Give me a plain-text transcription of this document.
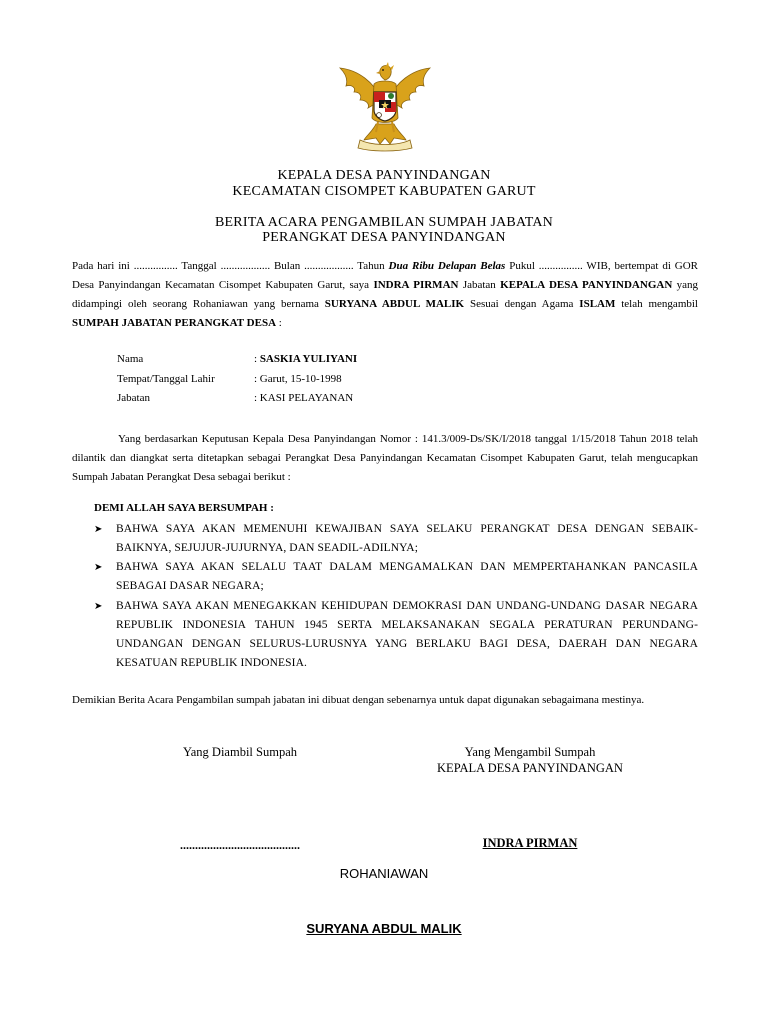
KEPALA DESA PANYINDANGAN
KECAMATAN CISOMPET KABUPATEN GARUT
BERITA ACARA PENGAMBILAN SUMPAH JABATAN
PERANGKAT DESA PANYINDANGAN
Pada hari ini ................ Tanggal .................. Bulan .................. Tahun Dua Ribu Delapan Belas Pukul ................ WIB, bertempat di GOR Desa Panyindangan Kecamatan Cisompet Kabupaten Garut, saya INDRA PIRMAN Jabatan KEPALA DESA PANYINDANGAN yang didampingi oleh seorang Rohaniawan yang bernama SURYANA ABDUL MALIK Sesuai dengan Agama ISLAM telah mengambil SUMPAH JABATAN PERANGKAT DESA :
Nama	: SASKIA YULIYANI
Tempat/Tanggal Lahir	: Garut, 15-10-1998
Jabatan	: KASI PELAYANAN
Yang berdasarkan Keputusan Kepala Desa Panyindangan Nomor : 141.3/009-Ds/SK/I/2018 tanggal 1/15/2018 Tahun 2018 telah dilantik dan diangkat serta ditetapkan sebagai Perangkat Desa Panyindangan Kecamatan Cisompet Kabupaten Garut, telah mengucapkan Sumpah Jabatan Perangkat Desa sebagai berikut :
DEMI ALLAH SAYA BERSUMPAH :
➤ BAHWA SAYA AKAN MEMENUHI KEWAJIBAN SAYA SELAKU PERANGKAT DESA DENGAN SEBAIK-BAIKNYA, SEJUJUR-JUJURNYA, DAN SEADIL-ADILNYA;
➤ BAHWA SAYA AKAN SELALU TAAT DALAM MENGAMALKAN DAN MEMPERTAHANKAN PANCASILA SEBAGAI DASAR NEGARA;
➤ BAHWA SAYA AKAN MENEGAKKAN KEHIDUPAN DEMOKRASI DAN UNDANG-UNDANG DASAR NEGARA REPUBLIK INDONESIA TAHUN 1945 SERTA MELAKSANAKAN SEGALA PERATURAN PERUNDANG-UNDANGAN DENGAN SELURUS-LURUSNYA YANG BERLAKU BAGI DESA, DAERAH DAN NEGARA KESATUAN REPUBLIK INDONESIA.
Demikian Berita Acara Pengambilan sumpah jabatan ini dibuat dengan sebenarnya untuk dapat digunakan sebagaimana mestinya.
Yang Diambil Sumpah	Yang Mengambil Sumpah
KEPALA DESA PANYINDANGAN
........................................	INDRA PIRMAN
ROHANIAWAN
SURYANA ABDUL MALIK
